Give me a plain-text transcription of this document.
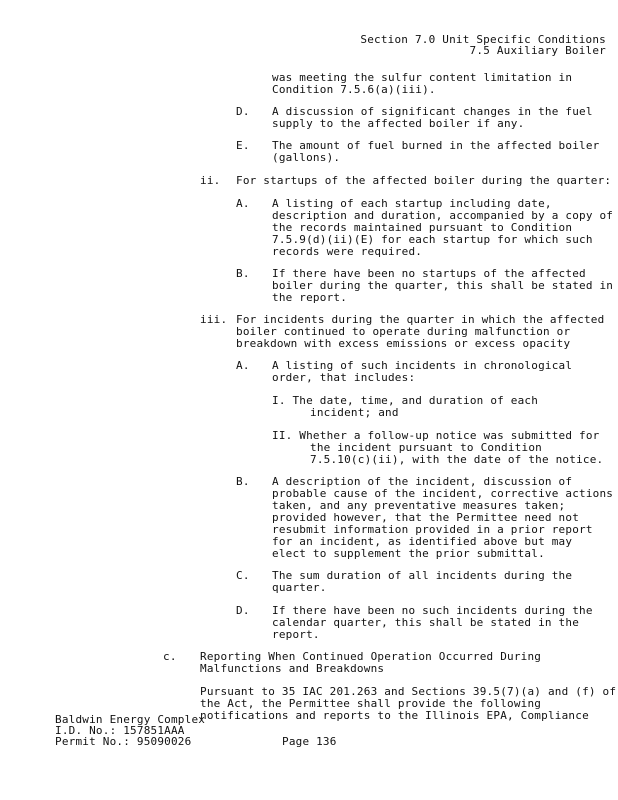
Section 7.0 Unit Specific Conditions
7.5 Auxiliary Boiler
was meeting the sulfur content limitation in
Condition 7.5.6(a)(iii).
D. A discussion of significant changes in the fuel
supply to the affected boiler if any.
E. The amount of fuel burned in the affected boiler
(gallons).
ii. For startups of the affected boiler during the quarter:
A. A listing of each startup including date,
description and duration, accompanied by a copy of
the records maintained pursuant to Condition
7.5.9(d)(ii)(E) for each startup for which such
records were required.
B. If there have been no startups of the affected
boiler during the quarter, this shall be stated in
the report.
iii. For incidents during the quarter in which the affected
boiler continued to operate during malfunction or
breakdown with excess emissions or excess opacity
A. A listing of such incidents in chronological
order, that includes:
I. The date, time, and duration of each
incident; and
II. Whether a follow-up notice was submitted for
the incident pursuant to Condition
7.5.10(c)(ii), with the date of the notice.
B. A description of the incident, discussion of
probable cause of the incident, corrective actions
taken, and any preventative measures taken;
provided however, that the Permittee need not
resubmit information provided in a prior report
for an incident, as identified above but may
elect to supplement the prior submittal.
C. The sum duration of all incidents during the
quarter.
D. If there have been no such incidents during the
calendar quarter, this shall be stated in the
report.
c. Reporting When Continued Operation Occurred During
Malfunctions and Breakdowns
Pursuant to 35 IAC 201.263 and Sections 39.5(7)(a) and (f) of
the Act, the Permittee shall provide the following
notifications and reports to the Illinois EPA, Compliance
Baldwin Energy Complex
I.D. No.: 157851AAA
Permit No.: 95090026	Page 136
